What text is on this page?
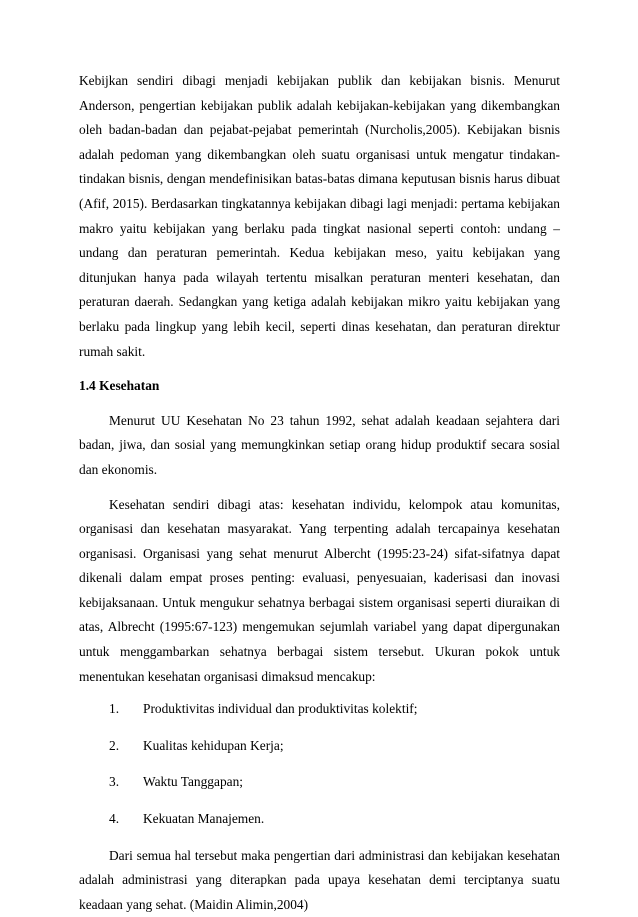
Kebijkan sendiri dibagi menjadi kebijakan publik dan kebijakan bisnis. Menurut Anderson, pengertian kebijakan publik adalah kebijakan-kebijakan yang dikembangkan oleh badan-badan dan pejabat-pejabat pemerintah (Nurcholis,2005). Kebijakan bisnis adalah pedoman yang dikembangkan oleh suatu organisasi untuk mengatur tindakan-tindakan bisnis, dengan mendefinisikan batas-batas dimana keputusan bisnis harus dibuat (Afif, 2015). Berdasarkan tingkatannya kebijakan dibagi lagi menjadi: pertama kebijakan makro yaitu kebijakan yang berlaku pada tingkat nasional seperti contoh: undang – undang dan peraturan pemerintah. Kedua kebijakan meso, yaitu kebijakan yang ditunjukan hanya pada wilayah tertentu misalkan peraturan menteri kesehatan, dan peraturan daerah. Sedangkan yang ketiga adalah kebijakan mikro yaitu kebijakan yang berlaku pada lingkup yang lebih kecil, seperti dinas kesehatan, dan peraturan direktur rumah sakit.

1.4 Kesehatan

Menurut UU Kesehatan No 23 tahun 1992, sehat adalah keadaan sejahtera dari badan, jiwa, dan sosial yang memungkinkan setiap orang hidup produktif secara sosial dan ekonomis.

Kesehatan sendiri dibagi atas: kesehatan individu, kelompok atau komunitas, organisasi dan kesehatan masyarakat. Yang terpenting adalah tercapainya kesehatan organisasi. Organisasi yang sehat menurut Albercht (1995:23-24) sifat-sifatnya dapat dikenali dalam empat proses penting: evaluasi, penyesuaian, kaderisasi dan inovasi kebijaksanaan. Untuk mengukur sehatnya berbagai sistem organisasi seperti diuraikan di atas, Albrecht (1995:67-123) mengemukan sejumlah variabel yang dapat dipergunakan untuk menggambarkan sehatnya berbagai sistem tersebut. Ukuran pokok untuk menentukan kesehatan organisasi dimaksud mencakup:

1.	Produktivitas individual dan produktivitas kolektif;
2.	Kualitas kehidupan Kerja;
3.	Waktu Tanggapan;
4.	Kekuatan Manajemen.

Dari semua hal tersebut maka pengertian dari administrasi dan kebijakan kesehatan adalah administrasi yang diterapkan pada upaya kesehatan demi terciptanya suatu keadaan yang sehat. (Maidin Alimin,2004)
